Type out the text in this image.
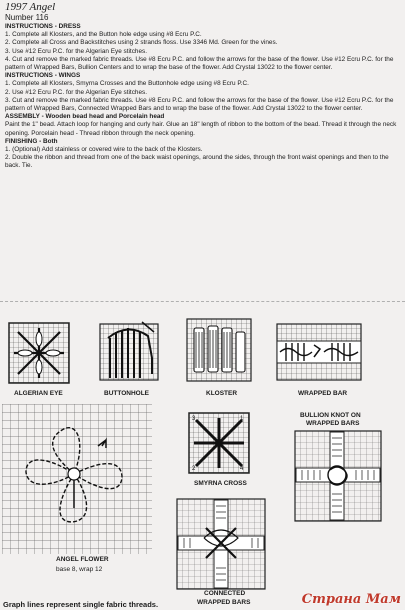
1997 Angel
Number 116

INSTRUCTIONS - DRESS

1. Complete all Klosters, and the Button hole edge using #8 Ecru P.C.

2. Complete all Cross and Backstitches using 2 strands floss. Use 3346 Md. Green for the vines.

3. Use #12 Ecru P.C. for the Algerian Eye stitches.

4. Cut and remove the marked fabric threads. Use #8 Ecru P.C. and follow the arrows for the base of the flower. Use #12 Ecru P.C. for the pattern of Wrapped Bars, Bullion Centers and to wrap the base of the flower. Add Crystal 13022 to the flower center.

INSTRUCTIONS - WINGS

1. Complete all Klosters, Smyrna Crosses and the Buttonhole edge using #8 Ecru P.C.

2. Use #12 Ecru P.C. for the Algerian Eye stitches.

3. Cut and remove the marked fabric threads. Use #8 Ecru P.C. and follow the arrows for the base of the flower. Use #12 Ecru P.C. for the pattern of Wrapped Bars, Connected Wrapped Bars and to wrap the base of the flower. Add Crystal 13022 to the flower center.

ASSEMBLY - Wooden bead head and Porcelain head

Paint the 1" bead. Attach loop for hanging and curly hair. Glue an 18" length of ribbon to the bottom of the bead. Thread it through the neck opening. Porcelain head - Thread ribbon through the neck opening.

FINISHING - Both

1. (Optional) Add stainless or covered wire to the back of the Klosters.

2. Double the ribbon and thread from one of the back waist openings, around the sides, through the front waist openings and then to the back. Tie.

ALGERIAN EYE	BUTTONHOLE	KLOSTER	WRAPPED BAR
ANGEL FLOWER
base 8, wrap 12
3	1
2	4
SMYRNA CROSS
BULLION KNOT ON
WRAPPED BARS
CONNECTED
WRAPPED BARS
Graph lines represent single fabric threads.	Страна Мам
